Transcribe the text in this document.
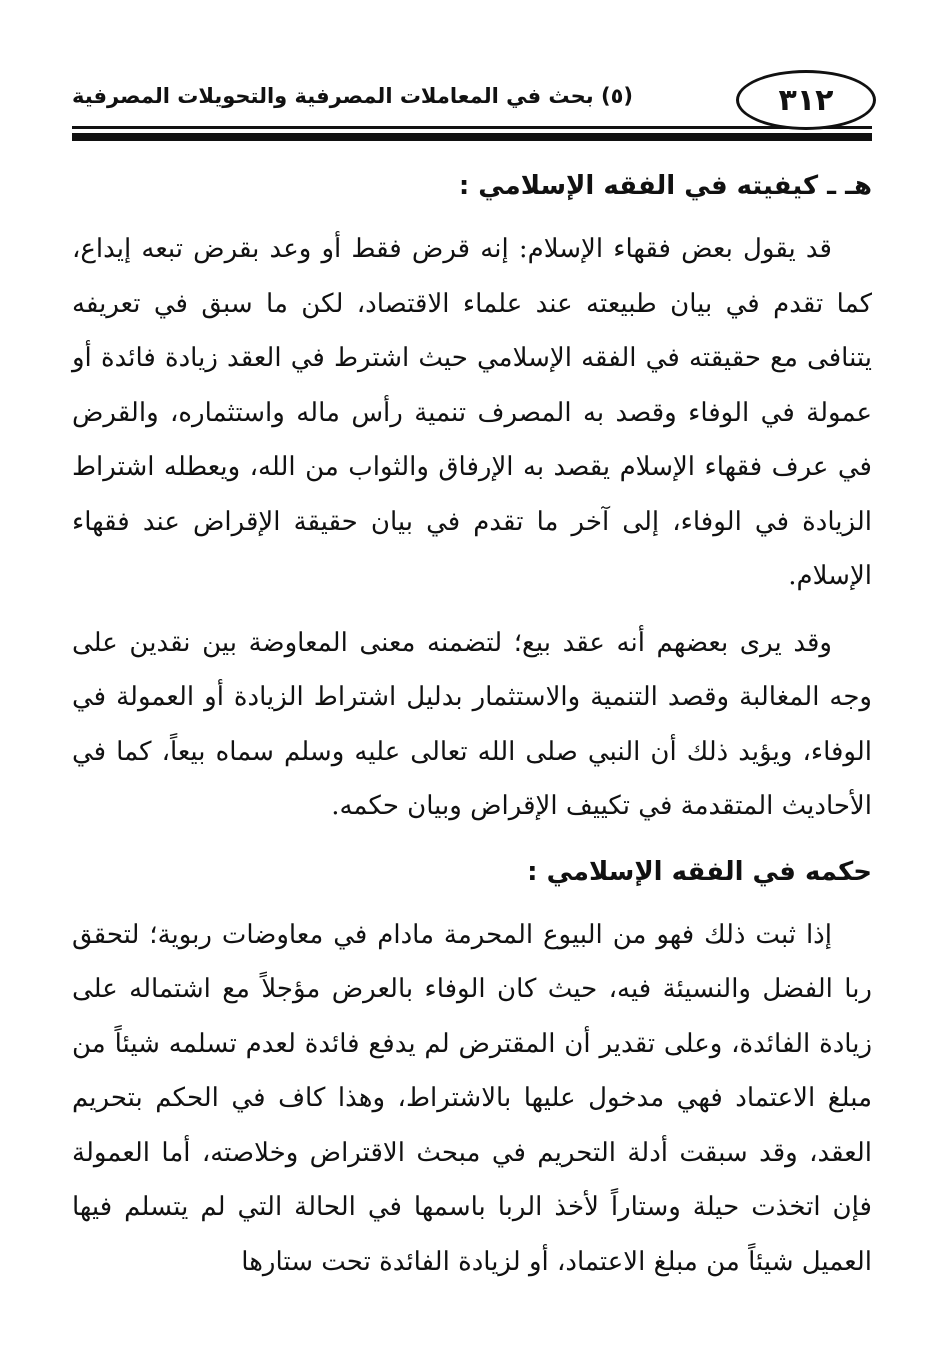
(٥) بحث في المعاملات المصرفية والتحويلات المصرفية	٣١٢
هـ ـ كيفيته في الفقه الإسلامي :

قد يقول بعض فقهاء الإسلام: إنه قرض فقط أو وعد بقرض تبعه إيداع، كما تقدم في بيان طبيعته عند علماء الاقتصاد، لكن ما سبق في تعريفه يتنافى مع حقيقته في الفقه الإسلامي حيث اشترط في العقد زيادة فائدة أو عمولة في الوفاء وقصد به المصرف تنمية رأس ماله واستثماره، والقرض في عرف فقهاء الإسلام يقصد به الإرفاق والثواب من الله، ويعطله اشتراط الزيادة في الوفاء، إلى آخر ما تقدم في بيان حقيقة الإقراض عند فقهاء الإسلام.

وقد يرى بعضهم أنه عقد بيع؛ لتضمنه معنى المعاوضة بين نقدين على وجه المغالبة وقصد التنمية والاستثمار بدليل اشتراط الزيادة أو العمولة في الوفاء، ويؤيد ذلك أن النبي صلى الله تعالى عليه وسلم سماه بيعاً، كما في الأحاديث المتقدمة في تكييف الإقراض وبيان حكمه.

حكمه في الفقه الإسلامي :

إذا ثبت ذلك فهو من البيوع المحرمة مادام في معاوضات ربوية؛ لتحقق ربا الفضل والنسيئة فيه، حيث كان الوفاء بالعرض مؤجلاً مع اشتماله على زيادة الفائدة، وعلى تقدير أن المقترض لم يدفع فائدة لعدم تسلمه شيئاً من مبلغ الاعتماد فهي مدخول عليها بالاشتراط، وهذا كاف في الحكم بتحريم العقد، وقد سبقت أدلة التحريم في مبحث الاقتراض وخلاصته، أما العمولة فإن اتخذت حيلة وستاراً لأخذ الربا باسمها في الحالة التي لم يتسلم فيها العميل شيئاً من مبلغ الاعتماد، أو لزيادة الفائدة تحت ستارها
